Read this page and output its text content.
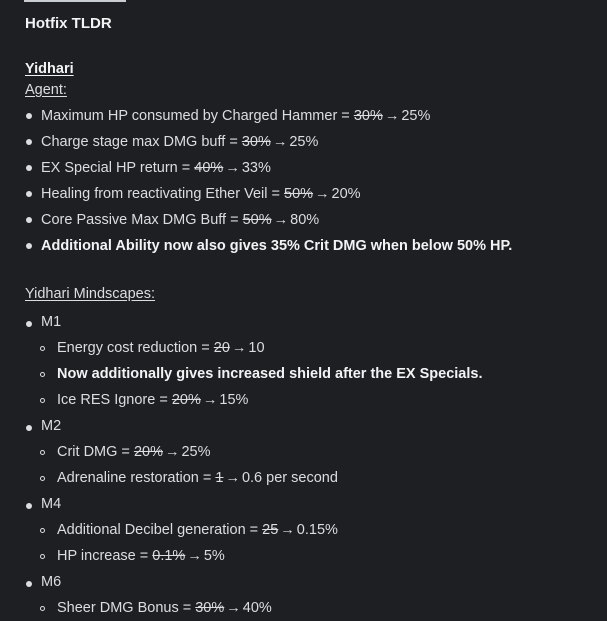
Hotfix TLDR
Yidhari
Agent:
Maximum HP consumed by Charged Hammer = 30% → 25%
Charge stage max DMG buff = 30% → 25%
EX Special HP return = 40% → 33%
Healing from reactivating Ether Veil = 50% → 20%
Core Passive Max DMG Buff = 50% → 80%
Additional Ability now also gives 35% Crit DMG when below 50% HP.
Yidhari Mindscapes:
M1
Energy cost reduction = 20 → 10
Now additionally gives increased shield after the EX Specials.
Ice RES Ignore = 20% → 15%
M2
Crit DMG = 20% → 25%
Adrenaline restoration = 1 → 0.6 per second
M4
Additional Decibel generation = 25 → 0.15%
HP increase = 0.1% → 5%
M6
Sheer DMG Bonus = 30% → 40%
